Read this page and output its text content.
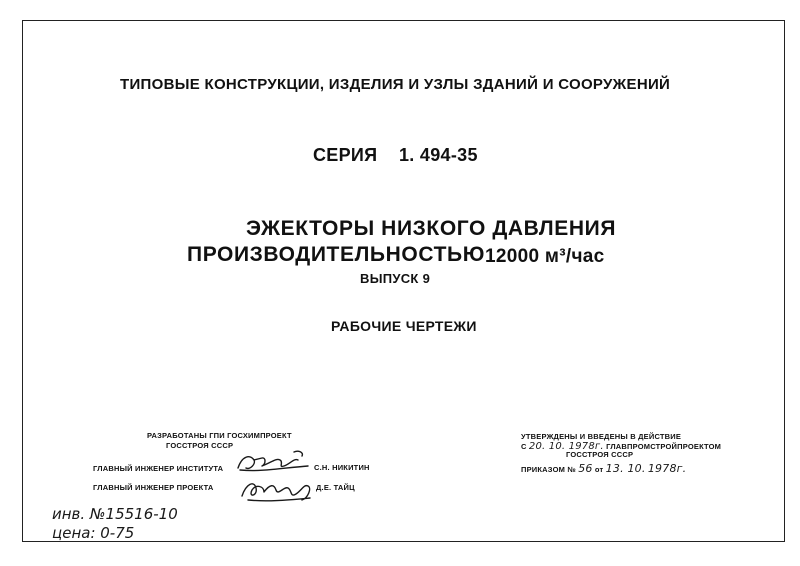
ТИПОВЫЕ КОНСТРУКЦИИ, ИЗДЕЛИЯ И УЗЛЫ ЗДАНИЙ И СООРУЖЕНИЙ
СЕРИЯ 1. 494-35
ЭЖЕКТОРЫ НИЗКОГО ДАВЛЕНИЯ
ПРОИЗВОДИТЕЛЬНОСТЬЮ 12000 м³/час
ВЫПУСК 9
РАБОЧИЕ ЧЕРТЕЖИ
РАЗРАБОТАНЫ ГПИ ГОСХИМПРОЕКТ
ГОССТРОЯ СССР
ГЛАВНЫЙ ИНЖЕНЕР ИНСТИТУТА	С.Н. НИКИТИН
ГЛАВНЫЙ ИНЖЕНЕР ПРОЕКТА	Д.Е. ТАЙЦ
УТВЕРЖДЕНЫ И ВВЕДЕНЫ В ДЕЙСТВИЕ
С 20. 10. 1978г. ГЛАВПРОМСТРОЙПРОЕКТОМ
ГОССТРОЯ СССР
ПРИКАЗОМ № 56 от 13. 10. 1978г.
инв. №15516-10
цена: 0-75
